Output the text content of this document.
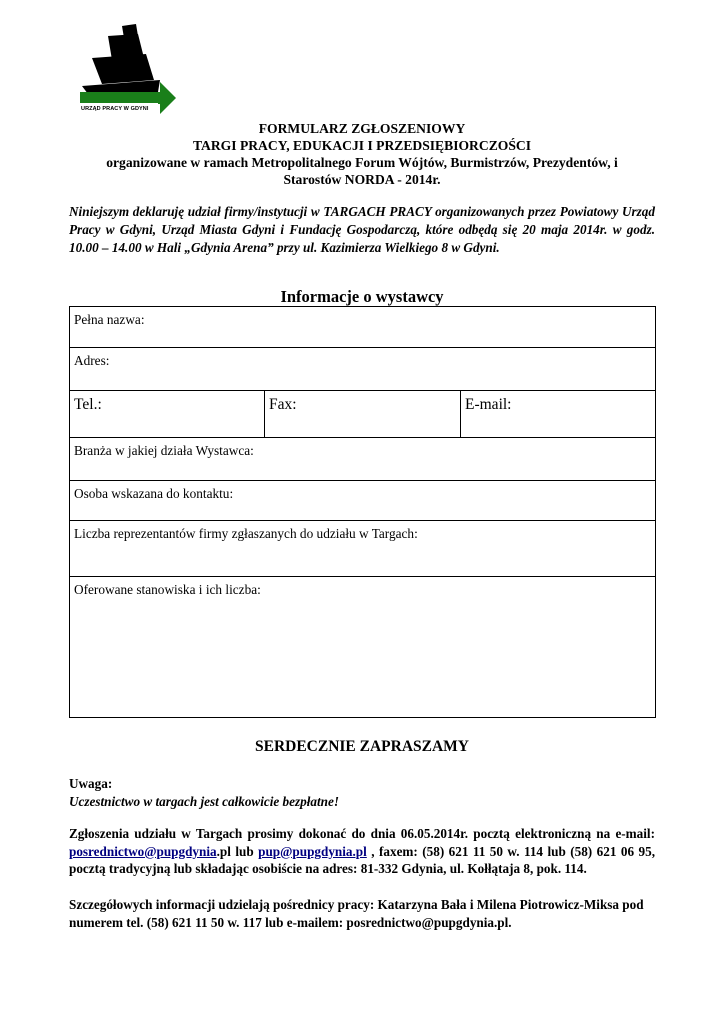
URZĄD PRACY W GDYNI
FORMULARZ ZGŁOSZENIOWY
TARGI PRACY, EDUKACJI I PRZEDSIĘBIORCZOŚCI
organizowane w ramach Metropolitalnego Forum Wójtów, Burmistrzów, Prezydentów, i
Starostów NORDA - 2014r.
Niniejszym deklaruję udział firmy/instytucji w TARGACH PRACY organizowanych przez Powiatowy Urząd Pracy w Gdyni, Urząd Miasta Gdyni i Fundację Gospodarczą, które odbędą się 20 maja 2014r. w godz. 10.00 – 14.00 w Hali „Gdynia Arena” przy ul. Kazimierza Wielkiego 8 w Gdyni.
Informacje o wystawcy
Pełna nazwa:
Adres:
Tel.:	Fax:	E-mail:
Branża w jakiej działa Wystawca:
Osoba wskazana do kontaktu:
Liczba reprezentantów firmy zgłaszanych do udziału w Targach:
Oferowane stanowiska i ich liczba:
SERDECZNIE ZAPRASZAMY
Uwaga:
Uczestnictwo w targach jest całkowicie bezpłatne!
Zgłoszenia udziału w Targach prosimy dokonać do dnia 06.05.2014r. pocztą elektroniczną na e-mail: posrednictwo@pupgdynia.pl lub pup@pupgdynia.pl , faxem: (58) 621 11 50 w. 114 lub (58) 621 06 95, pocztą tradycyjną lub składając osobiście na adres: 81-332 Gdynia, ul. Kołłątaja 8, pok. 114.
Szczegółowych informacji udzielają pośrednicy pracy: Katarzyna Bała i Milena Piotrowicz-Miksa pod numerem tel. (58) 621 11 50 w. 117 lub e-mailem: posrednictwo@pupgdynia.pl.
